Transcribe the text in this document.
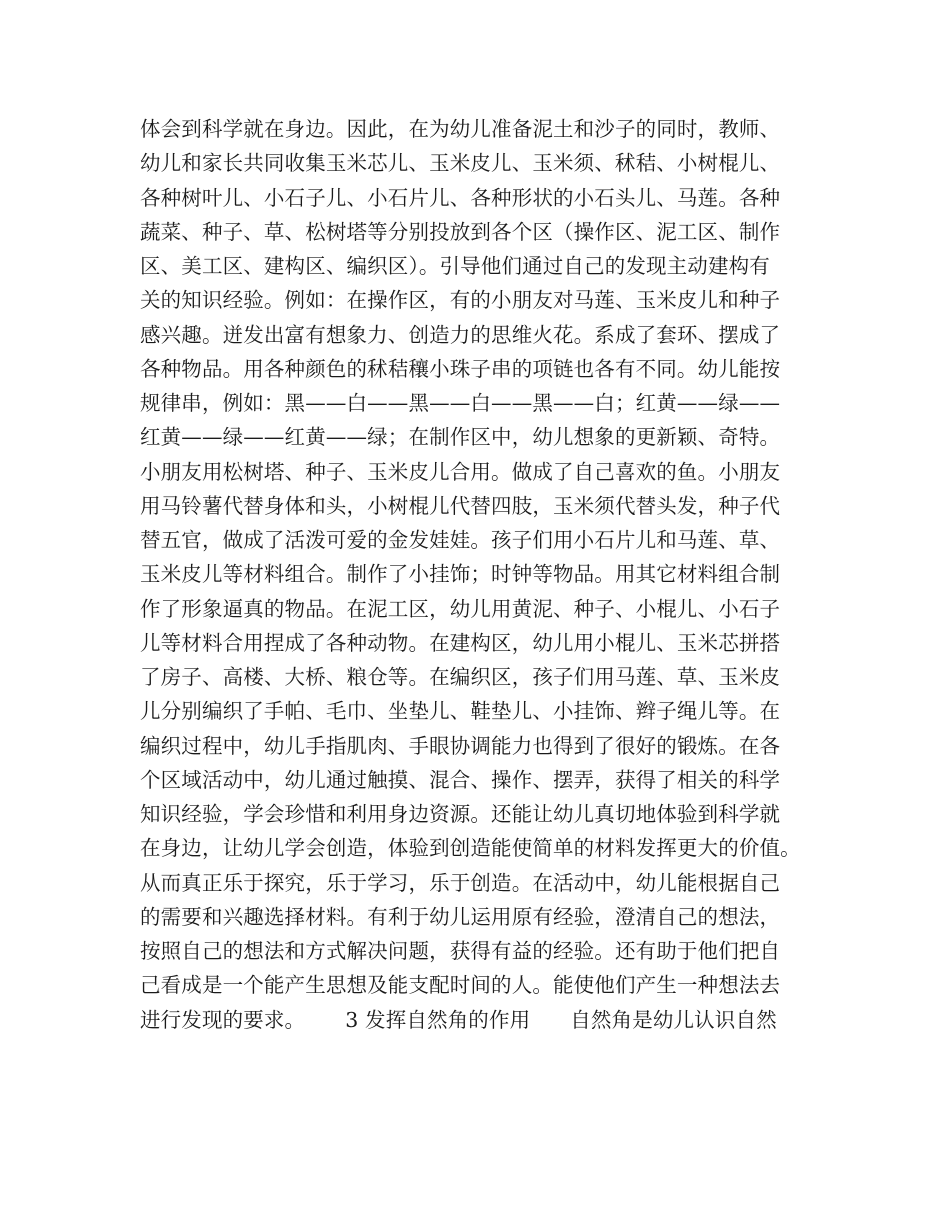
体会到科学就在身边。因此，在为幼儿准备泥土和沙子的同时，教师、
幼儿和家长共同收集玉米芯儿、玉米皮儿、玉米须、秫秸、小树棍儿、
各种树叶儿、小石子儿、小石片儿、各种形状的小石头儿、马莲。各种
蔬菜、种子、草、松树塔等分别投放到各个区（操作区、泥工区、制作
区、美工区、建构区、编织区）。引导他们通过自己的发现主动建构有
关的知识经验。例如：在操作区，有的小朋友对马莲、玉米皮儿和种子
感兴趣。迸发出富有想象力、创造力的思维火花。系成了套环、摆成了
各种物品。用各种颜色的秫秸穰小珠子串的项链也各有不同。幼儿能按
规律串，例如：黑——白——黑——白——黑——白；红黄——绿——
红黄——绿——红黄——绿；在制作区中，幼儿想象的更新颖、奇特。
小朋友用松树塔、种子、玉米皮儿合用。做成了自己喜欢的鱼。小朋友
用马铃薯代替身体和头，小树棍儿代替四肢，玉米须代替头发，种子代
替五官，做成了活泼可爱的金发娃娃。孩子们用小石片儿和马莲、草、
玉米皮儿等材料组合。制作了小挂饰；时钟等物品。用其它材料组合制
作了形象逼真的物品。在泥工区，幼儿用黄泥、种子、小棍儿、小石子
儿等材料合用捏成了各种动物。在建构区，幼儿用小棍儿、玉米芯拼搭
了房子、高楼、大桥、粮仓等。在编织区，孩子们用马莲、草、玉米皮
儿分别编织了手帕、毛巾、坐垫儿、鞋垫儿、小挂饰、辫子绳儿等。在
编织过程中，幼儿手指肌肉、手眼协调能力也得到了很好的锻炼。在各
个区域活动中，幼儿通过触摸、混合、操作、摆弄，获得了相关的科学
知识经验，学会珍惜和利用身边资源。还能让幼儿真切地体验到科学就
在身边，让幼儿学会创造，体验到创造能使简单的材料发挥更大的价值。
从而真正乐于探究，乐于学习，乐于创造。在活动中，幼儿能根据自己
的需要和兴趣选择材料。有利于幼儿运用原有经验，澄清自己的想法，
按照自己的想法和方式解决问题，获得有益的经验。还有助于他们把自
己看成是一个能产生思想及能支配时间的人。能使他们产生一种想法去
进行发现的要求。      3 发挥自然角的作用      自然角是幼儿认识自然
